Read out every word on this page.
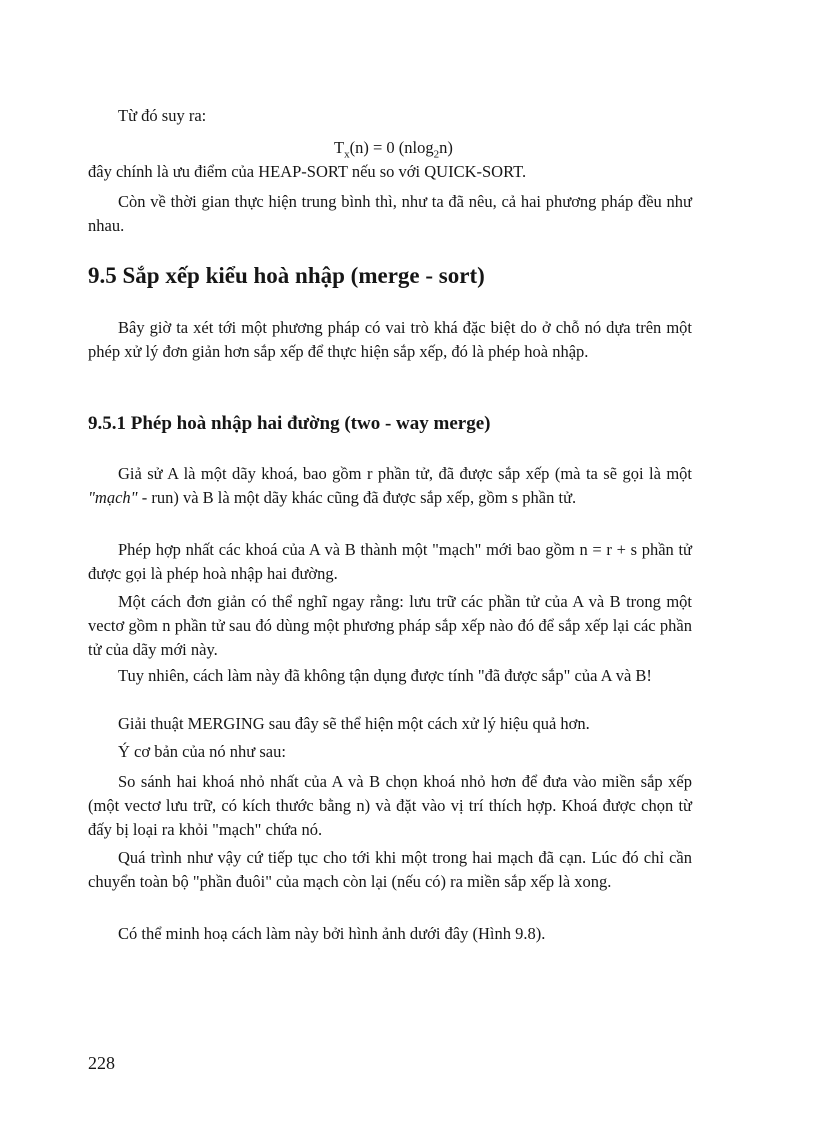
Từ đó suy ra:

$T_x(n) = 0$ (nlog$_2$n)

đây chính là ưu điểm của HEAP-SORT nếu so với QUICK-SORT.

Còn về thời gian thực hiện trung bình thì, như ta đã nêu, cả hai phương pháp đều như nhau.

9.5 Sắp xếp kiểu hoà nhập (merge - sort)

Bây giờ ta xét tới một phương pháp có vai trò khá đặc biệt do ở chỗ nó dựa trên một phép xử lý đơn giản hơn sắp xếp để thực hiện sắp xếp, đó là phép hoà nhập.

9.5.1 Phép hoà nhập hai đường (two - way merge)

Giả sử A là một dãy khoá, bao gồm r phần tử, đã được sắp xếp (mà ta sẽ gọi là một "mạch" - run) và B là một dãy khác cũng đã được sắp xếp, gồm s phần tử.

Phép hợp nhất các khoá của A và B thành một "mạch" mới bao gồm n = r + s phần tử được gọi là phép hoà nhập hai đường.

Một cách đơn giản có thể nghĩ ngay rằng: lưu trữ các phần tử của A và B trong một vectơ gồm n phần tử sau đó dùng một phương pháp sắp xếp nào đó để sắp xếp lại các phần tử của dãy mới này.

Tuy nhiên, cách làm này đã không tận dụng được tính "đã được sắp" của A và B!

Giải thuật MERGING sau đây sẽ thể hiện một cách xử lý hiệu quả hơn.

Ý cơ bản của nó như sau:

So sánh hai khoá nhỏ nhất của A và B chọn khoá nhỏ hơn để đưa vào miền sắp xếp (một vectơ lưu trữ, có kích thước bằng n) và đặt vào vị trí thích hợp. Khoá được chọn từ đấy bị loại ra khỏi "mạch" chứa nó.

Quá trình như vậy cứ tiếp tục cho tới khi một trong hai mạch đã cạn. Lúc đó chỉ cần chuyển toàn bộ "phần đuôi" của mạch còn lại (nếu có) ra miền sắp xếp là xong.

Có thể minh hoạ cách làm này bởi hình ảnh dưới đây (Hình 9.8).

228
